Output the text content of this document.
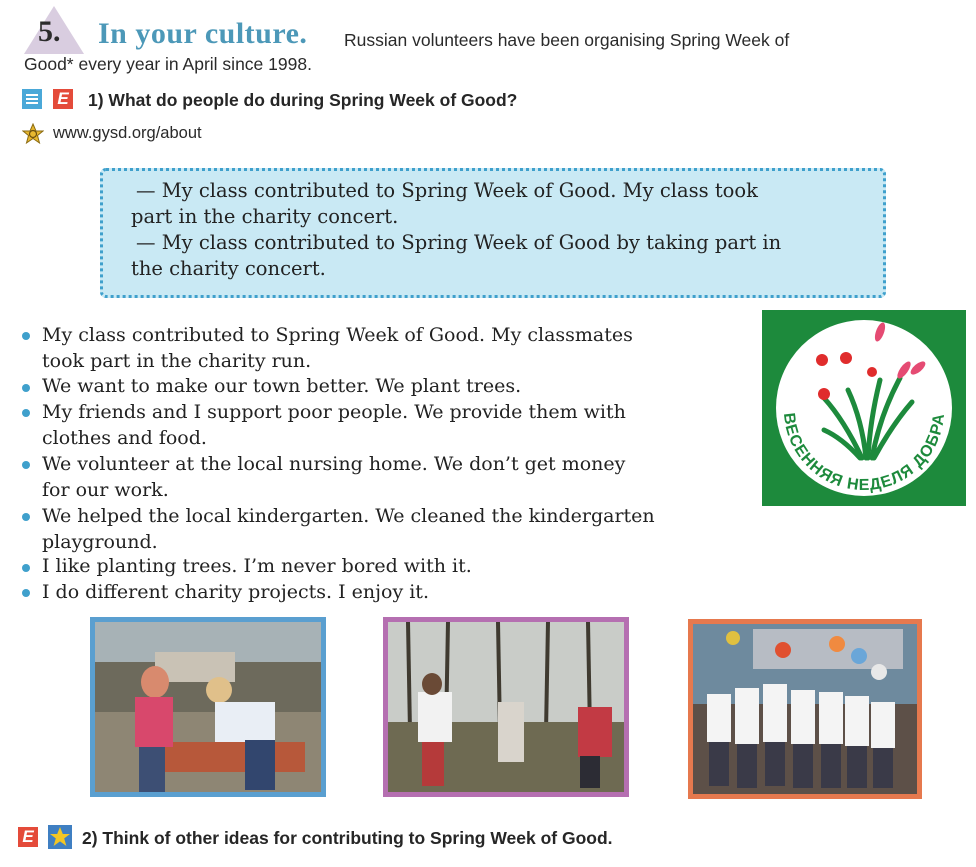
5. In your culture. Russian volunteers have been organising Spring Week of
Good* every year in April since 1998.
E 1) What do people do during Spring Week of Good?
www.gysd.org/about
— My class contributed to Spring Week of Good. My class took
part in the charity concert.
— My class contributed to Spring Week of Good by taking part in
the charity concert.
My class contributed to Spring Week of Good. My classmates
took part in the charity run.
We want to make our town better. We plant trees.
My friends and I support poor people. We provide them with
clothes and food.
We volunteer at the local nursing home. We don’t get money
for our work.
We helped the local kindergarten. We cleaned the kindergarten
playground.
I like planting trees. I’m never bored with it.
I do different charity projects. I enjoy it.
ВЕСЕННЯЯ НЕДЕЛЯ ДОБРА
E	2) Think of other ideas for contributing to Spring Week of Good.
